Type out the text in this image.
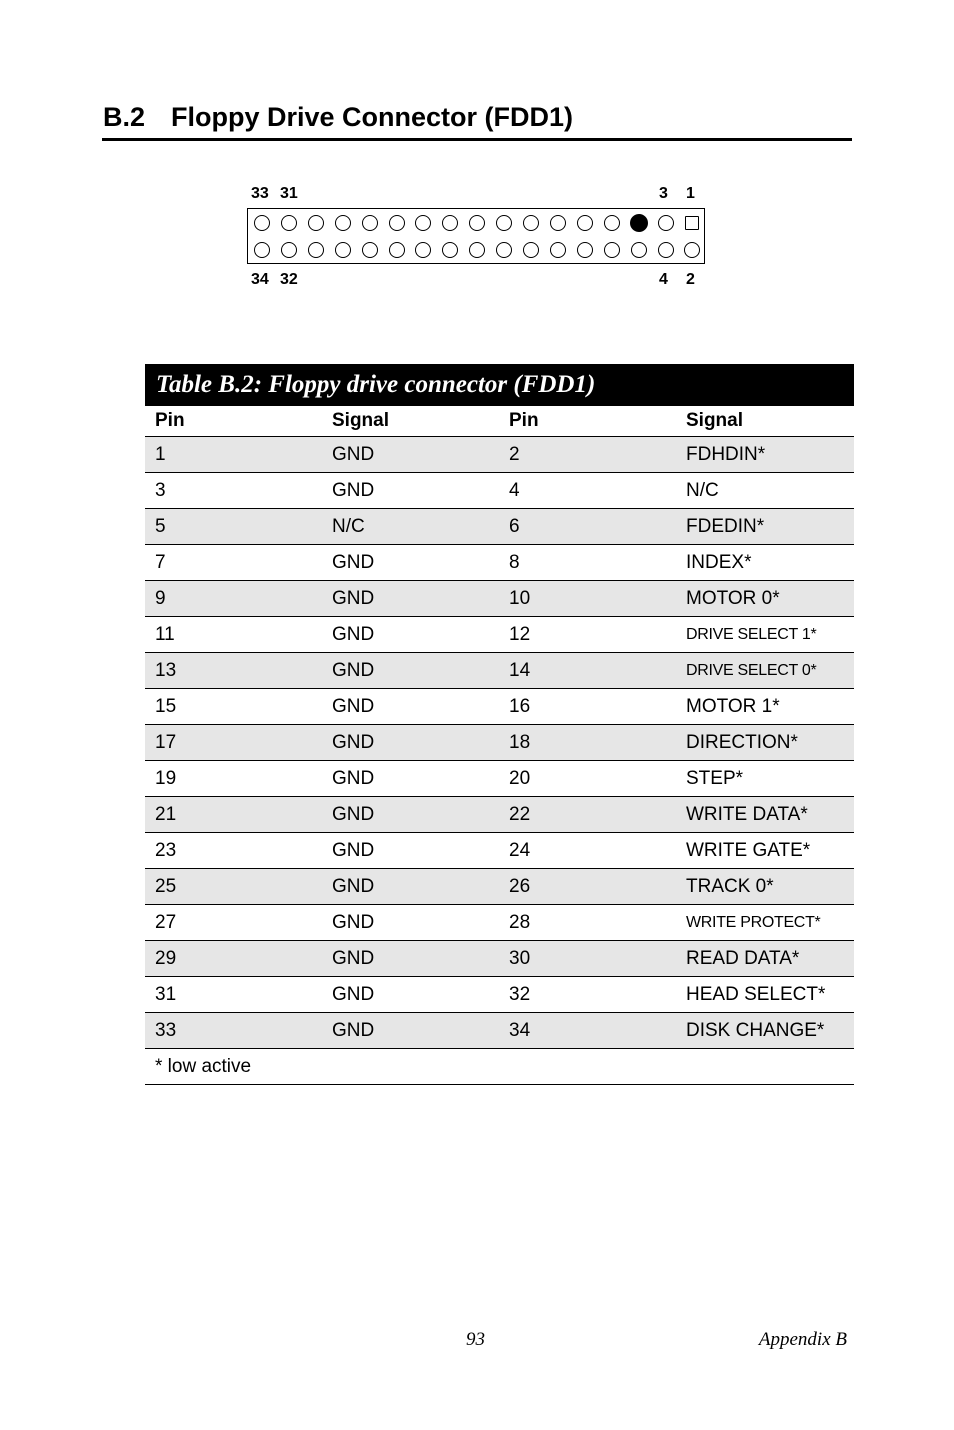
B.2 Floppy Drive Connector (FDD1)
33 31	3 1
34 32	4 2
Table B.2: Floppy drive connector (FDD1)			
Pin	Signal	Pin	Signal
1	GND	2	FDHDIN*
3	GND	4	N/C
5	N/C	6	FDEDIN*
7	GND	8	INDEX*
9	GND	10	MOTOR 0*
11	GND	12	DRIVE SELECT 1*
13	GND	14	DRIVE SELECT 0*
15	GND	16	MOTOR 1*
17	GND	18	DIRECTION*
19	GND	20	STEP*
21	GND	22	WRITE DATA*
23	GND	24	WRITE GATE*
25	GND	26	TRACK 0*
27	GND	28	WRITE PROTECT*
29	GND	30	READ DATA*
31	GND	32	HEAD SELECT*
33	GND	34	DISK CHANGE*
* low active			
93	Appendix B
